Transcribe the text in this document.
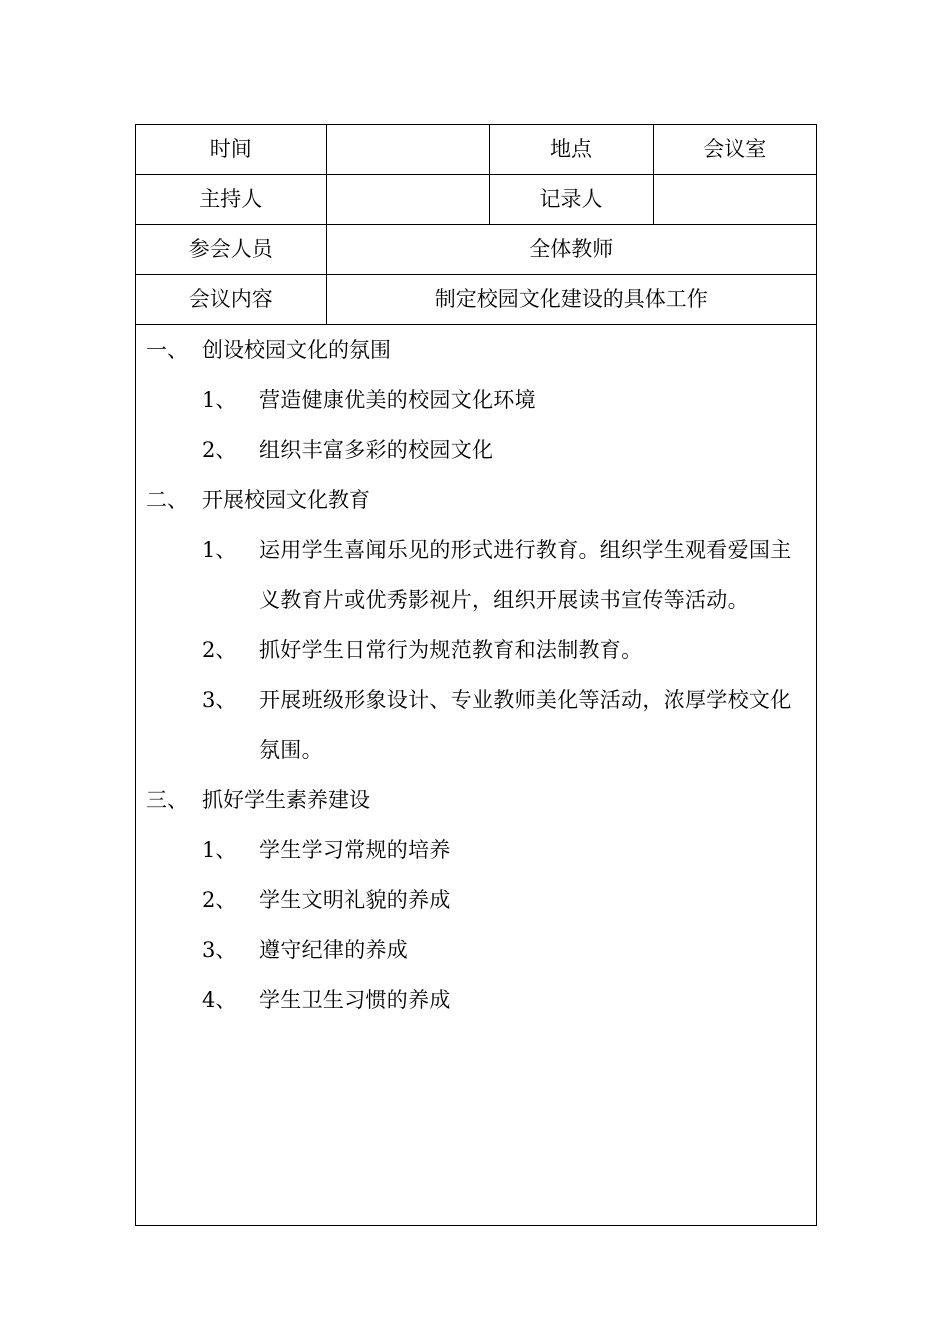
时间		地点	会议室
主持人		记录人	
参会人员	全体教师		
会议内容	制定校园文化建设的具体工作		
一、 创设校园文化的氛围
1、 营造健康优美的校园文化环境
2、 组织丰富多彩的校园文化
二、 开展校园文化教育
1、 运用学生喜闻乐见的形式进行教育。组织学生观看爱国主
义教育片或优秀影视片，组织开展读书宣传等活动。
2、 抓好学生日常行为规范教育和法制教育。
3、 开展班级形象设计、专业教师美化等活动，浓厚学校文化
氛围。
三、 抓好学生素养建设
1、 学生学习常规的培养
2、 学生文明礼貌的养成
3、 遵守纪律的养成
4、 学生卫生习惯的养成
